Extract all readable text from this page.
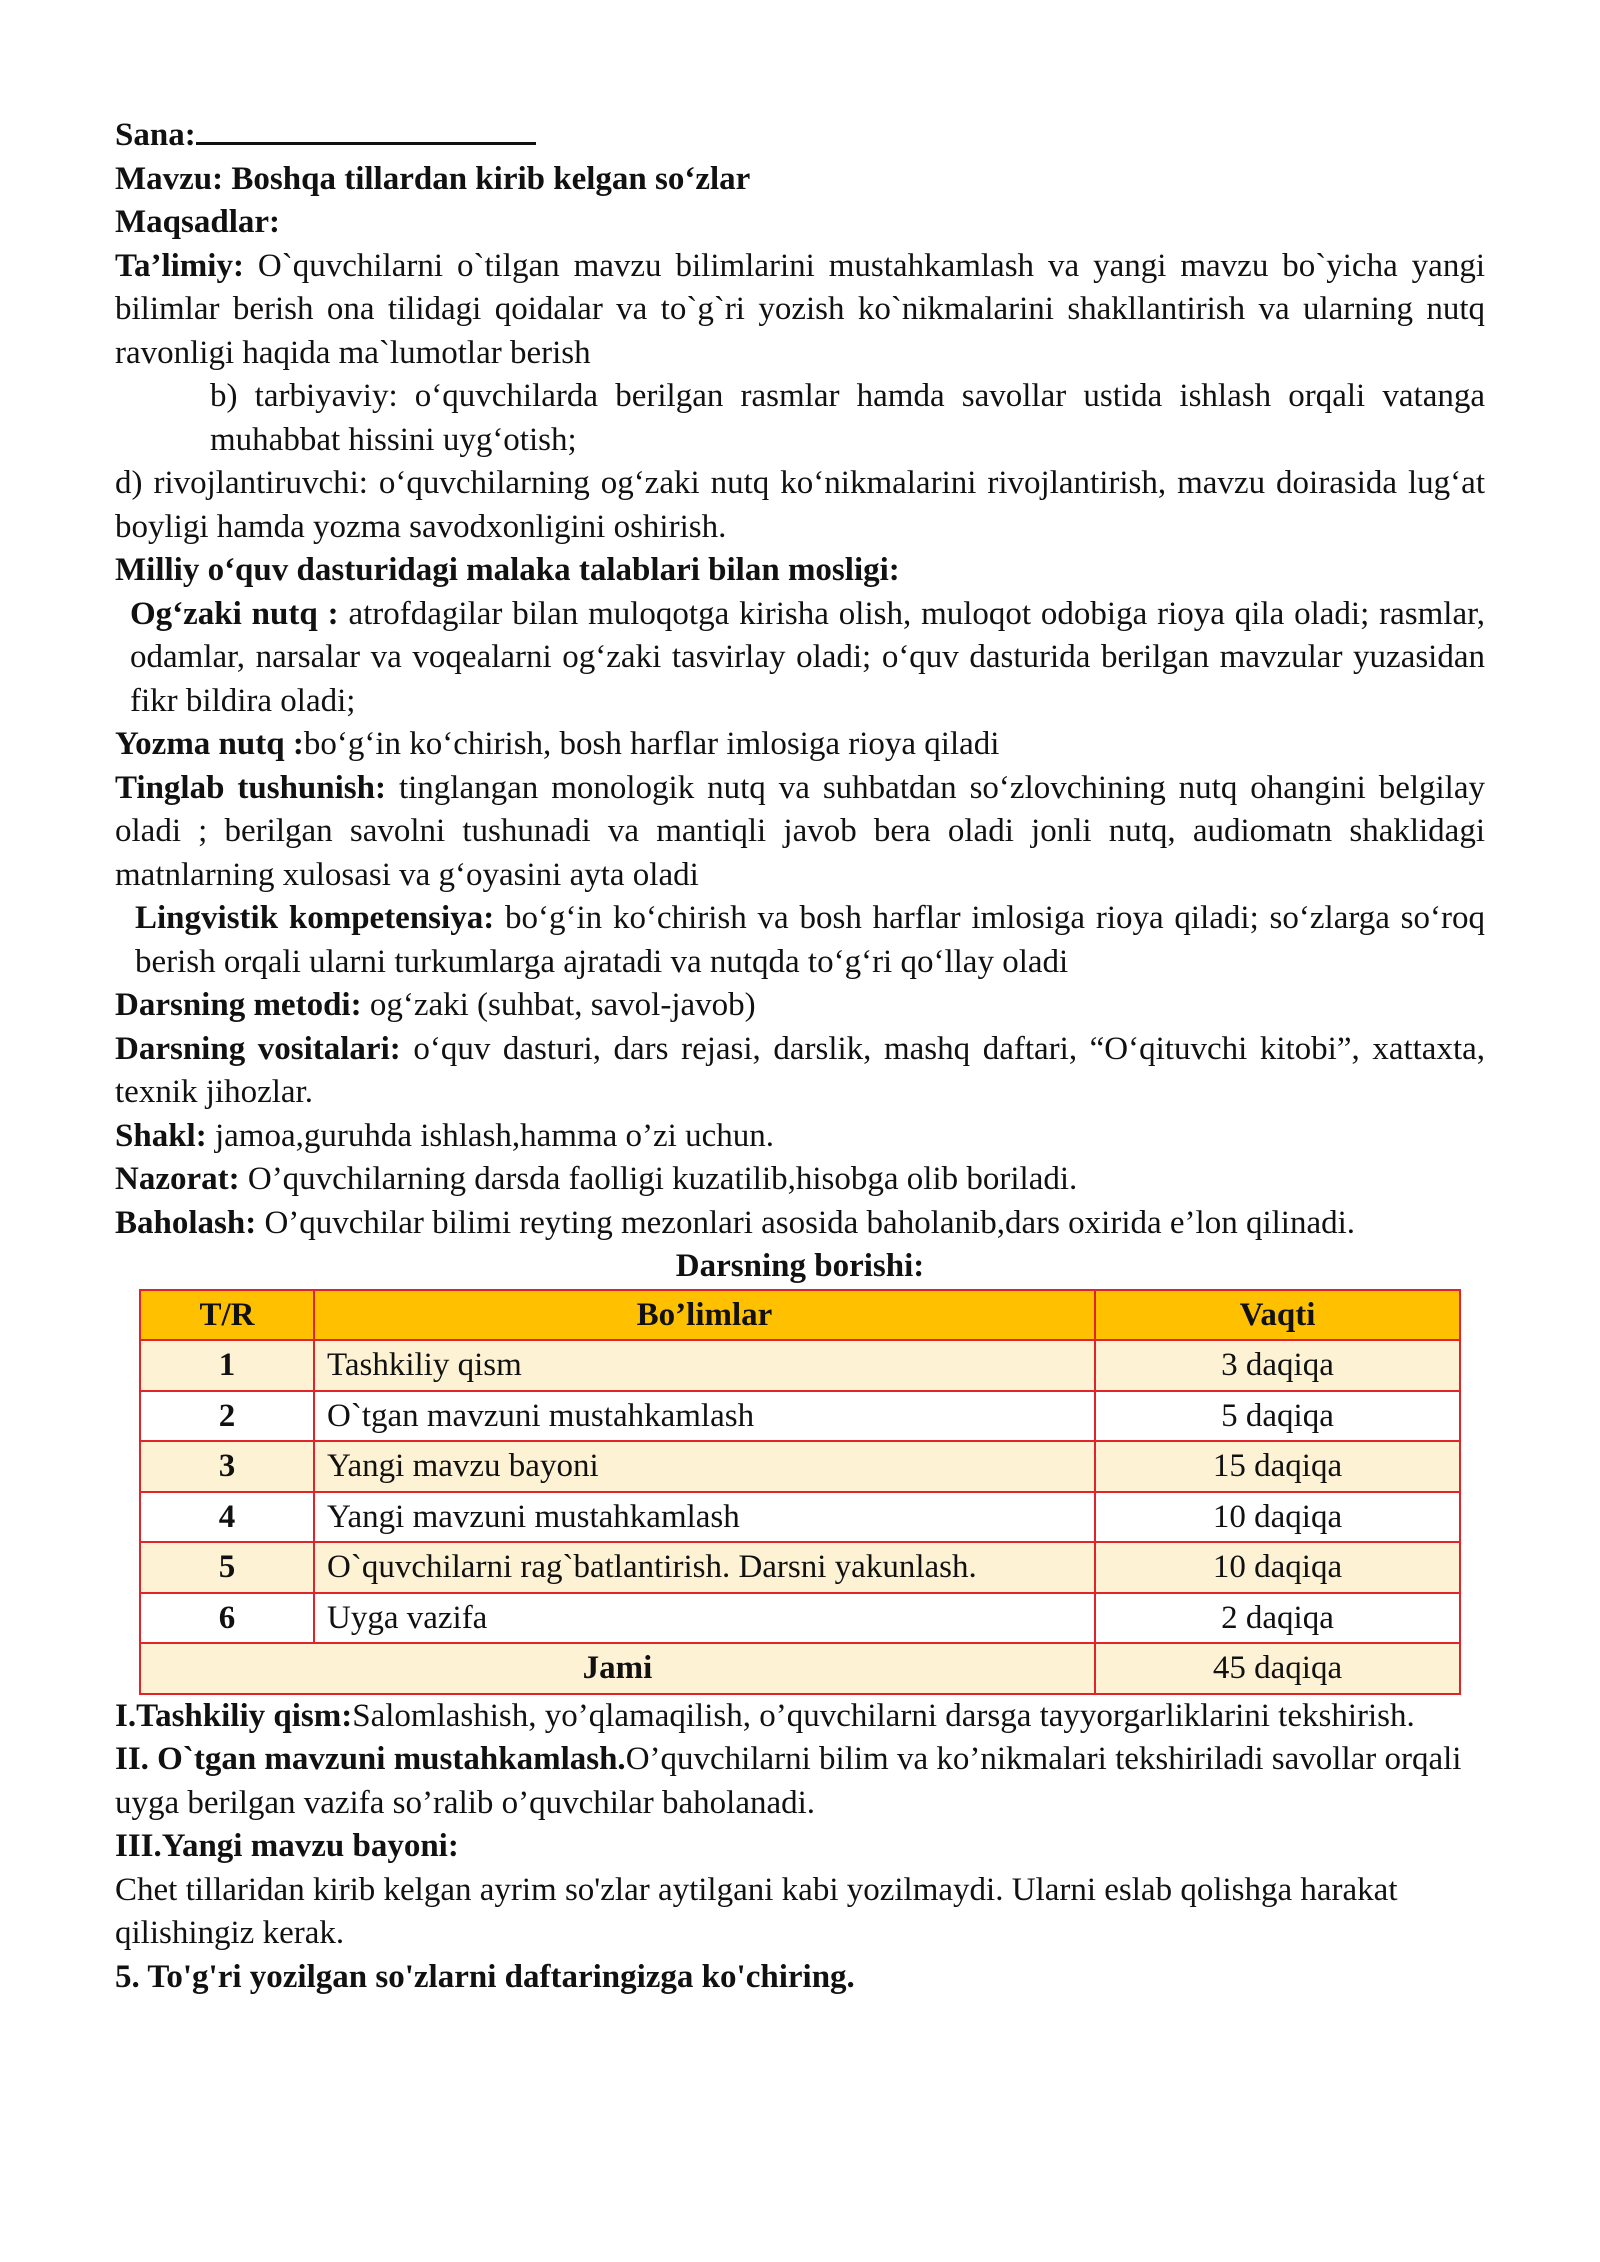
Sana:

Mavzu: Boshqa tillardan kirib kelgan so‘zlar

Maqsadlar:

Ta’limiy: O`quvchilarni o`tilgan mavzu bilimlarini mustahkamlash va yangi mavzu bo`yicha yangi bilimlar berish ona tilidagi qoidalar va to`g`ri yozish ko`nikmalarini shakllantirish va ularning nutq ravonligi haqida ma`lumotlar berish

b) tarbiyaviy: o‘quvchilarda berilgan rasmlar hamda savollar ustida ishlash orqali vatanga muhabbat hissini uyg‘otish;

d) rivojlantiruvchi: o‘quvchilarning og‘zaki nutq ko‘nikmalarini rivojlantirish, mavzu doirasida lug‘at boyligi hamda yozma savodxonligini oshirish.

Milliy o‘quv dasturidagi malaka talablari bilan mosligi:

Og‘zaki nutq : atrofdagilar bilan muloqotga kirisha olish, muloqot odobiga rioya qila oladi; rasmlar, odamlar, narsalar va voqealarni og‘zaki tasvirlay oladi; o‘quv dasturida berilgan mavzular yuzasidan fikr bildira oladi;

Yozma nutq :bo‘g‘in ko‘chirish, bosh harflar imlosiga rioya qiladi

Tinglab tushunish: tinglangan monologik nutq va suhbatdan so‘zlovchining nutq ohangini belgilay oladi ; berilgan savolni tushunadi va mantiqli javob bera oladi jonli nutq, audiomatn shaklidagi matnlarning xulosasi va g‘oyasini ayta oladi

Lingvistik kompetensiya: bo‘g‘in ko‘chirish va bosh harflar imlosiga rioya qiladi; so‘zlarga so‘roq berish orqali ularni turkumlarga ajratadi va nutqda to‘g‘ri qo‘llay oladi

Darsning metodi: og‘zaki (suhbat, savol-javob)

Darsning vositalari: o‘quv dasturi, dars rejasi, darslik, mashq daftari, “O‘qituvchi kitobi”, xattaxta, texnik jihozlar.

Shakl: jamoa,guruhda ishlash,hamma o’zi uchun.

Nazorat: O’quvchilarning darsda faolligi kuzatilib,hisobga olib boriladi.

Baholash: O’quvchilar bilimi reyting mezonlari asosida baholanib,dars oxirida e’lon qilinadi.

Darsning borishi:

T/R	Bo’limlar	Vaqti
1	Tashkiliy qism	3 daqiqa
2	O`tgan mavzuni mustahkamlash	5 daqiqa
3	Yangi mavzu bayoni	15 daqiqa
4	Yangi mavzuni mustahkamlash	10 daqiqa
5	O`quvchilarni rag`batlantirish. Darsni yakunlash.	10 daqiqa
6	Uyga vazifa	2 daqiqa
Jami		45 daqiqa

I.Tashkiliy qism:Salomlashish, yo’qlamaqilish, o’quvchilarni darsga tayyorgarliklarini tekshirish.

II. O`tgan mavzuni mustahkamlash.O’quvchilarni bilim va ko’nikmalari tekshiriladi savollar orqali uyga berilgan vazifa so’ralib o’quvchilar baholanadi.

III.Yangi mavzu bayoni:

Chet tillaridan kirib kelgan ayrim so'zlar aytilgani kabi yozilmaydi. Ularni eslab qolishga harakat qilishingiz kerak.

5. To'g'ri yozilgan so'zlarni daftaringizga ko'chiring.
